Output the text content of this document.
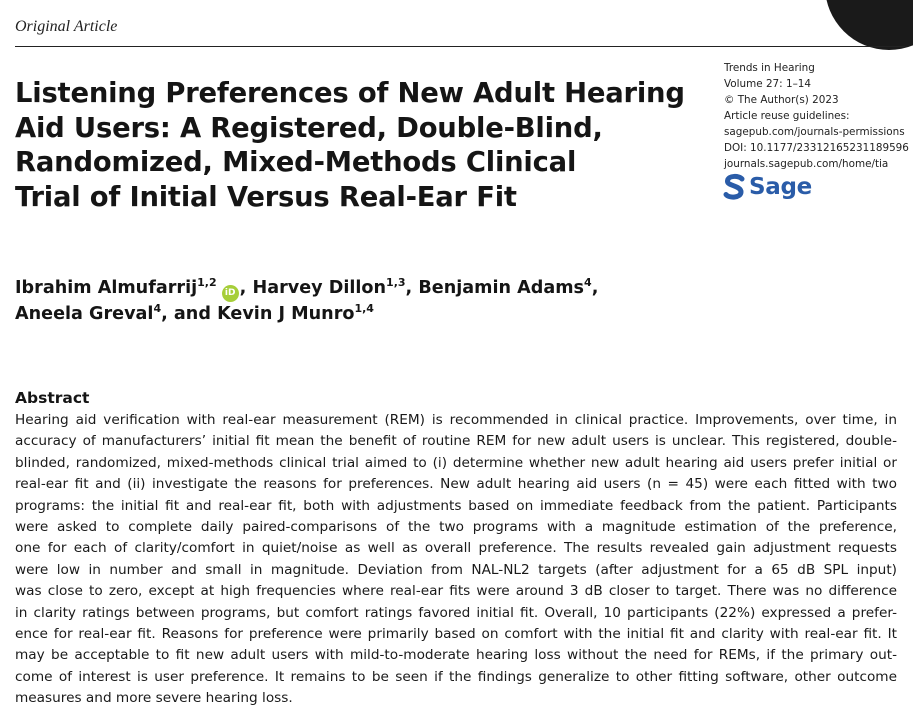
Original Article
Listening Preferences of New Adult Hearing
Aid Users: A Registered, Double-Blind,
Randomized, Mixed-Methods Clinical
Trial of Initial Versus Real-Ear Fit
Trends in Hearing
Volume 27: 1–14
© The Author(s) 2023
Article reuse guidelines:
sagepub.com/journals-permissions
DOI: 10.1177/23312165231189596
journals.sagepub.com/home/tia
Sage
Ibrahim Almufarrij$^{1,2}$iD , Harvey Dillon$^{1,3}$, Benjamin Adams$^4$,
Aneela Greval$^4$, and Kevin J Munro$^{1,4}$
Abstract
Hearing aid verification with real-ear measurement (REM) is recommended in clinical practice. Improvements, over time, in
accuracy of manufacturers’ initial fit mean the benefit of routine REM for new adult users is unclear. This registered, double-
blinded, randomized, mixed-methods clinical trial aimed to (i) determine whether new adult hearing aid users prefer initial or
real-ear fit and (ii) investigate the reasons for preferences. New adult hearing aid users (n = 45) were each fitted with two
programs: the initial fit and real-ear fit, both with adjustments based on immediate feedback from the patient. Participants
were asked to complete daily paired-comparisons of the two programs with a magnitude estimation of the preference,
one for each of clarity/comfort in quiet/noise as well as overall preference. The results revealed gain adjustment requests
were low in number and small in magnitude. Deviation from NAL-NL2 targets (after adjustment for a 65 dB SPL input)
was close to zero, except at high frequencies where real-ear fits were around 3 dB closer to target. There was no difference
in clarity ratings between programs, but comfort ratings favored initial fit. Overall, 10 participants (22%) expressed a prefer-
ence for real-ear fit. Reasons for preference were primarily based on comfort with the initial fit and clarity with real-ear fit. It
may be acceptable to fit new adult users with mild-to-moderate hearing loss without the need for REMs, if the primary out-
come of interest is user preference. It remains to be seen if the findings generalize to other fitting software, other outcome
measures and more severe hearing loss.
